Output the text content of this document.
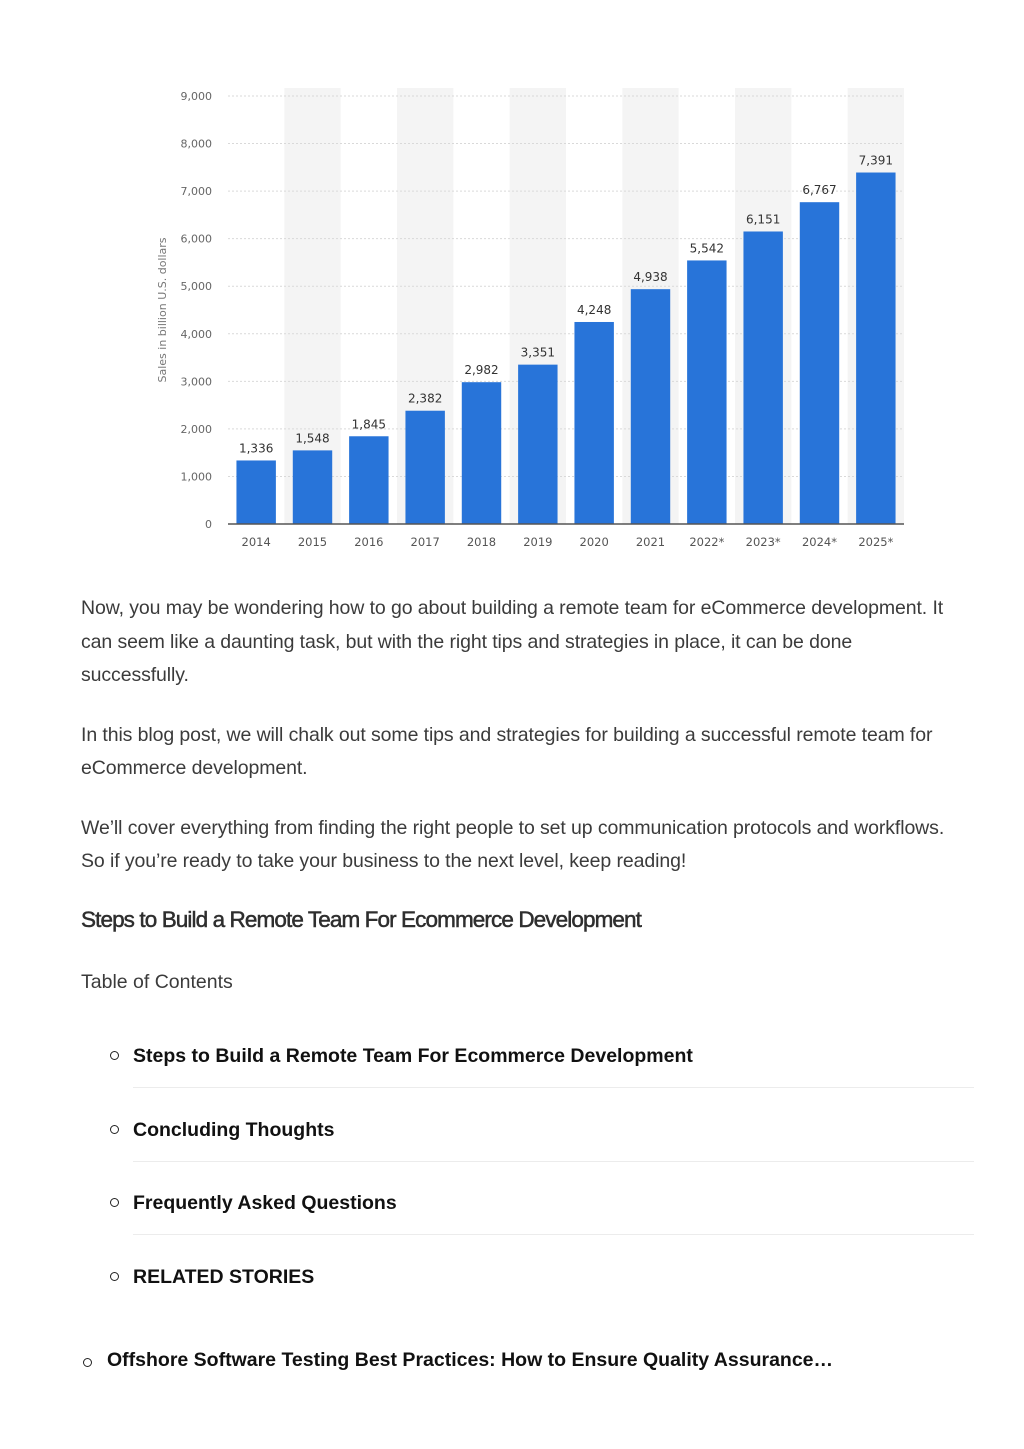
0
1,000
2,000
3,000
4,000
5,000
6,000
7,000
8,000
9,000
Sales in billion U.S. dollars
1,336
2014
1,548
2015
1,845
2016
2,382
2017
2,982
2018
3,351
2019
4,248
2020
4,938
2021
5,542
2022*
6,151
2023*
6,767
2024*
7,391
2025*

Now, you may be wondering how to go about building a remote team for eCommerce development. It can seem like a daunting task, but with the right tips and strategies in place, it can be done successfully.

In this blog post, we will chalk out some tips and strategies for building a successful remote team for eCommerce development.

We’ll cover everything from finding the right people to set up communication protocols and workflows. So if you’re ready to take your business to the next level, keep reading!

Steps to Build a Remote Team For Ecommerce Development
Table of Contents
Steps to Build a Remote Team For Ecommerce Development
Concluding Thoughts
Frequently Asked Questions
RELATED STORIES
Offshore Software Testing Best Practices: How to Ensure Quality Assurance…
